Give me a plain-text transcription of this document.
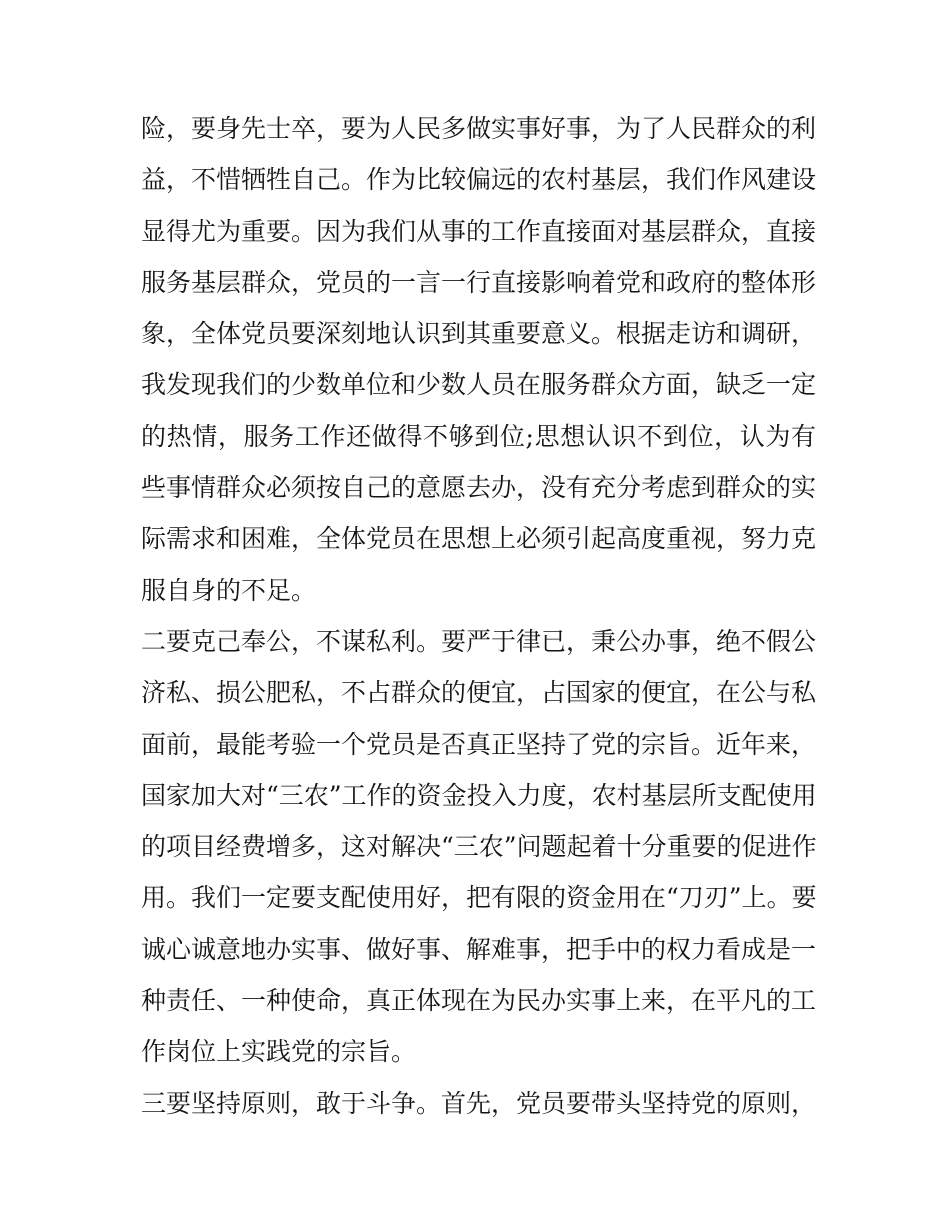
险，要身先士卒，要为人民多做实事好事，为了人民群众的利
益，不惜牺牲自己。作为比较偏远的农村基层，我们作风建设
显得尤为重要。因为我们从事的工作直接面对基层群众，直接
服务基层群众，党员的一言一行直接影响着党和政府的整体形
象，全体党员要深刻地认识到其重要意义。根据走访和调研，
我发现我们的少数单位和少数人员在服务群众方面，缺乏一定
的热情，服务工作还做得不够到位;思想认识不到位，认为有
些事情群众必须按自己的意愿去办，没有充分考虑到群众的实
际需求和困难，全体党员在思想上必须引起高度重视，努力克
服自身的不足。
二要克己奉公，不谋私利。要严于律已，秉公办事，绝不假公
济私、损公肥私，不占群众的便宜，占国家的便宜，在公与私
面前，最能考验一个党员是否真正坚持了党的宗旨。近年来，
国家加大对“三农”工作的资金投入力度，农村基层所支配使用
的项目经费增多，这对解决“三农”问题起着十分重要的促进作
用。我们一定要支配使用好，把有限的资金用在“刀刃”上。要
诚心诚意地办实事、做好事、解难事，把手中的权力看成是一
种责任、一种使命，真正体现在为民办实事上来，在平凡的工
作岗位上实践党的宗旨。
三要坚持原则，敢于斗争。首先，党员要带头坚持党的原则，
